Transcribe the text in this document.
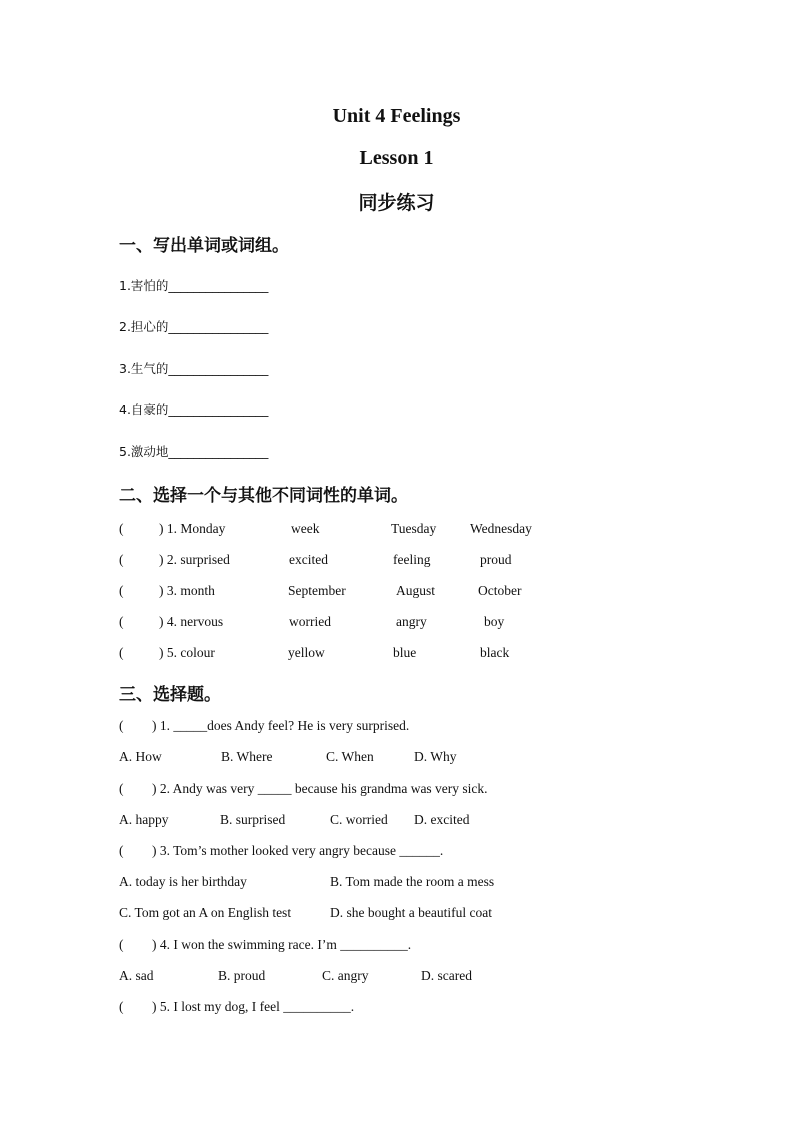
Unit 4 Feelings
Lesson 1
同步练习
一、写出单词或词组。
1.害怕的________________
2.担心的________________
3.生气的________________
4.自豪的________________
5.激动地________________
二、选择一个与其他不同词性的单词。
(	) 1. Monday	week	Tuesday Wednesday
(	) 2. surprised	excited	feeling	proud
(	) 3. month	September	August	October
(	) 4. nervous	worried	angry	boy
(	) 5. colour	yellow	blue	black
三、选择题。
( ) 1. _____does Andy feel? He is very surprised.
A. How	B. Where	C. When	D. Why
( ) 2. Andy was very _____ because his grandma was very sick.
A. happy	B. surprised	C. worried D. excited
( ) 3. Tom’s mother looked very angry because ______.
A. today is her birthday	B. Tom made the room a mess
C. Tom got an A on English test	D. she bought a beautiful coat
( ) 4. I won the swimming race. I’m __________.
A. sad	B. proud	C. angry	D. scared
( ) 5. I lost my dog, I feel __________.
